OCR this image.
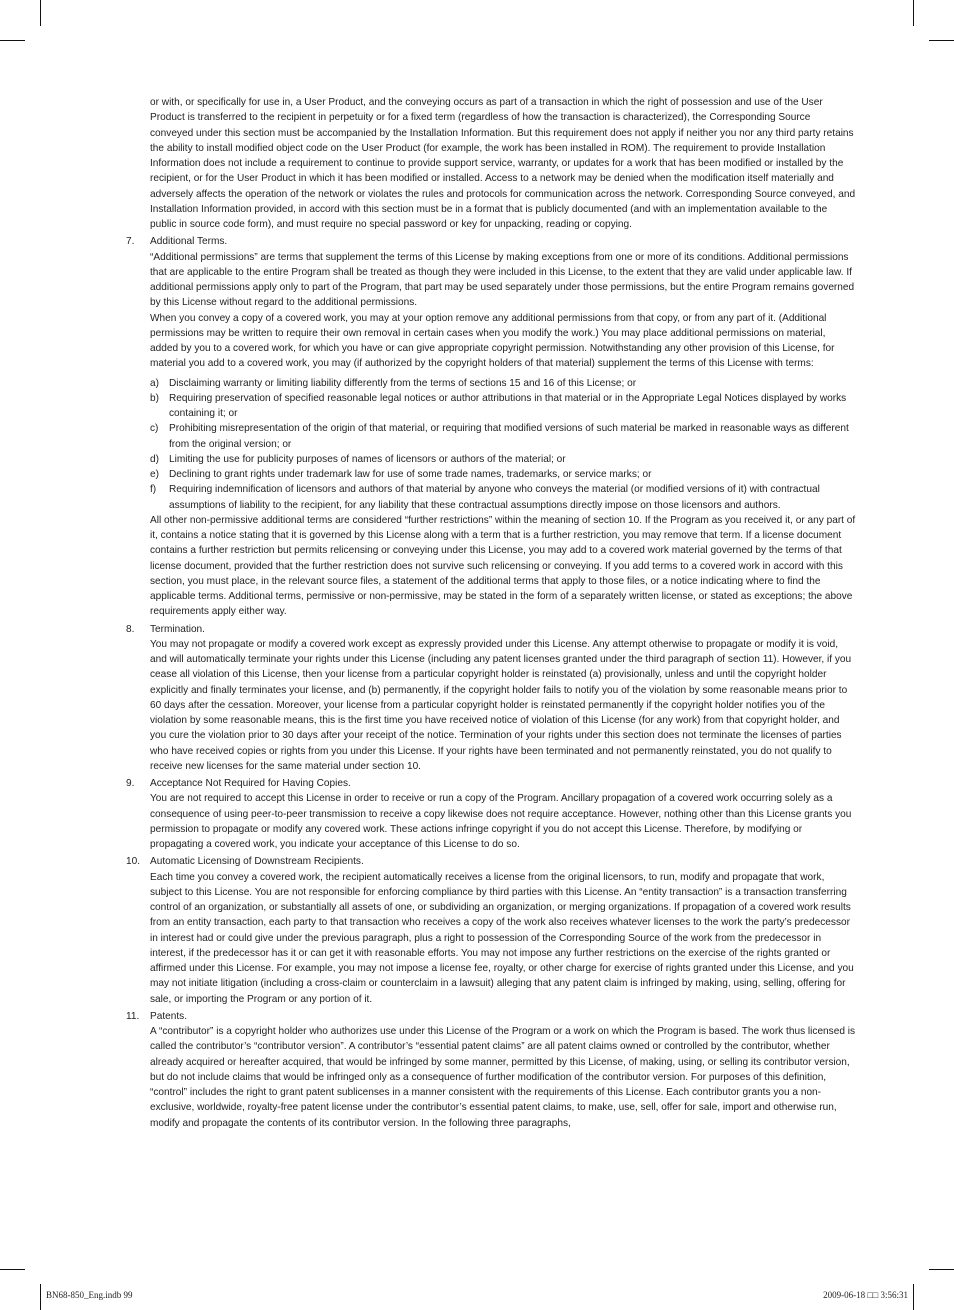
or with, or specifically for use in, a User Product, and the conveying occurs as part of a transaction in which the right of possession and use of the User Product is transferred to the recipient in perpetuity or for a fixed term (regardless of how the transaction is characterized), the Corresponding Source conveyed under this section must be accompanied by the Installation Information. But this requirement does not apply if neither you nor any third party retains the ability to install modified object code on the User Product (for example, the work has been installed in ROM). The requirement to provide Installation Information does not include a requirement to continue to provide support service, warranty, or updates for a work that has been modified or installed by the recipient, or for the User Product in which it has been modified or installed. Access to a network may be denied when the modification itself materially and adversely affects the operation of the network or violates the rules and protocols for communication across the network. Corresponding Source conveyed, and Installation Information provided, in accord with this section must be in a format that is publicly documented (and with an implementation available to the public in source code form), and must require no special password or key for unpacking, reading or copying.

7. Additional Terms.

“Additional permissions” are terms that supplement the terms of this License by making exceptions from one or more of its conditions. Additional permissions that are applicable to the entire Program shall be treated as though they were included in this License, to the extent that they are valid under applicable law. If additional permissions apply only to part of the Program, that part may be used separately under those permissions, but the entire Program remains governed by this License without regard to the additional permissions.

When you convey a copy of a covered work, you may at your option remove any additional permissions from that copy, or from any part of it. (Additional permissions may be written to require their own removal in certain cases when you modify the work.) You may place additional permissions on material, added by you to a covered work, for which you have or can give appropriate copyright permission. Notwithstanding any other provision of this License, for material you add to a covered work, you may (if authorized by the copyright holders of that material) supplement the terms of this License with terms:

a) Disclaiming warranty or limiting liability differently from the terms of sections 15 and 16 of this License; or
b) Requiring preservation of specified reasonable legal notices or author attributions in that material or in the Appropriate Legal Notices displayed by works containing it; or
c) Prohibiting misrepresentation of the origin of that material, or requiring that modified versions of such material be marked in reasonable ways as different from the original version; or
d) Limiting the use for publicity purposes of names of licensors or authors of the material; or
e) Declining to grant rights under trademark law for use of some trade names, trademarks, or service marks; or
f) Requiring indemnification of licensors and authors of that material by anyone who conveys the material (or modified versions of it) with contractual assumptions of liability to the recipient, for any liability that these contractual assumptions directly impose on those licensors and authors.

All other non-permissive additional terms are considered “further restrictions” within the meaning of section 10. If the Program as you received it, or any part of it, contains a notice stating that it is governed by this License along with a term that is a further restriction, you may remove that term. If a license document contains a further restriction but permits relicensing or conveying under this License, you may add to a covered work material governed by the terms of that license document, provided that the further restriction does not survive such relicensing or conveying. If you add terms to a covered work in accord with this section, you must place, in the relevant source files, a statement of the additional terms that apply to those files, or a notice indicating where to find the applicable terms. Additional terms, permissive or non-permissive, may be stated in the form of a separately written license, or stated as exceptions; the above requirements apply either way.

8. Termination.

You may not propagate or modify a covered work except as expressly provided under this License. Any attempt otherwise to propagate or modify it is void, and will automatically terminate your rights under this License (including any patent licenses granted under the third paragraph of section 11). However, if you cease all violation of this License, then your license from a particular copyright holder is reinstated (a) provisionally, unless and until the copyright holder explicitly and finally terminates your license, and (b) permanently, if the copyright holder fails to notify you of the violation by some reasonable means prior to 60 days after the cessation. Moreover, your license from a particular copyright holder is reinstated permanently if the copyright holder notifies you of the violation by some reasonable means, this is the first time you have received notice of violation of this License (for any work) from that copyright holder, and you cure the violation prior to 30 days after your receipt of the notice. Termination of your rights under this section does not terminate the licenses of parties who have received copies or rights from you under this License. If your rights have been terminated and not permanently reinstated, you do not qualify to receive new licenses for the same material under section 10.

9. Acceptance Not Required for Having Copies.

You are not required to accept this License in order to receive or run a copy of the Program. Ancillary propagation of a covered work occurring solely as a consequence of using peer-to-peer transmission to receive a copy likewise does not require acceptance. However, nothing other than this License grants you permission to propagate or modify any covered work. These actions infringe copyright if you do not accept this License. Therefore, by modifying or propagating a covered work, you indicate your acceptance of this License to do so.

10. Automatic Licensing of Downstream Recipients.

Each time you convey a covered work, the recipient automatically receives a license from the original licensors, to run, modify and propagate that work, subject to this License. You are not responsible for enforcing compliance by third parties with this License. An “entity transaction” is a transaction transferring control of an organization, or substantially all assets of one, or subdividing an organization, or merging organizations. If propagation of a covered work results from an entity transaction, each party to that transaction who receives a copy of the work also receives whatever licenses to the work the party’s predecessor in interest had or could give under the previous paragraph, plus a right to possession of the Corresponding Source of the work from the predecessor in interest, if the predecessor has it or can get it with reasonable efforts. You may not impose any further restrictions on the exercise of the rights granted or affirmed under this License. For example, you may not impose a license fee, royalty, or other charge for exercise of rights granted under this License, and you may not initiate litigation (including a cross-claim or counterclaim in a lawsuit) alleging that any patent claim is infringed by making, using, selling, offering for sale, or importing the Program or any portion of it.

11. Patents.

A “contributor” is a copyright holder who authorizes use under this License of the Program or a work on which the Program is based. The work thus licensed is called the contributor’s “contributor version”. A contributor’s “essential patent claims” are all patent claims owned or controlled by the contributor, whether already acquired or hereafter acquired, that would be infringed by some manner, permitted by this License, of making, using, or selling its contributor version, but do not include claims that would be infringed only as a consequence of further modification of the contributor version. For purposes of this definition, “control” includes the right to grant patent sublicenses in a manner consistent with the requirements of this License. Each contributor grants you a non-exclusive, worldwide, royalty-free patent license under the contributor’s essential patent claims, to make, use, sell, offer for sale, import and otherwise run, modify and propagate the contents of its contributor version. In the following three paragraphs,

BN68-850_Eng.indb 99	2009-06-18 □□ 3:56:31
